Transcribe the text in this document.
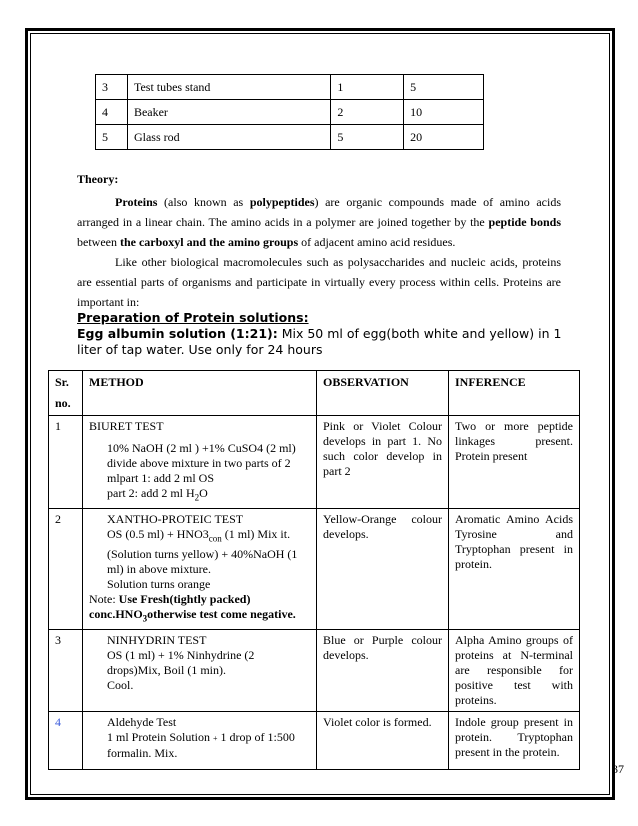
3	Test tubes stand	1	5
4	Beaker	2	10
5	Glass rod	5	20
Theory:

Proteins (also known as polypeptides) are organic compounds made of amino acids arranged in a linear chain. The amino acids in a polymer are joined together by the peptide bonds between the carboxyl and the amino groups of adjacent amino acid residues.

Like other biological macromolecules such as polysaccharides and nucleic acids, proteins are essential parts of organisms and participate in virtually every process within cells. Proteins are important in:

Preparation of Protein solutions:
Egg albumin solution (1:21): Mix 50 ml of egg(both white and yellow) in 1 liter of tap water. Use only for 24 hours
Sr.
no.	METHOD	OBSERVATION	INFERENCE
1	BIURET TEST
10% NaOH (2 ml ) +1% CuSO4 (2 ml)
divide above mixture in two parts of 2 mlpart 1: add 2 ml OS
part 2: add 2 ml $H_2O$	Pink or Violet Colour develops in part 1. No such color develop in part 2	Two or more peptide linkages present. Protein present
2	XANTHO-PROTEIC TEST
OS (0.5 $ml) + HNO3_{con}$ (1 ml) Mix it. (Solution turns yellow) + 40%NaOH (1 ml) in above mixture.
Solution turns orange
Note: Use Fresh(tightly packed) $conc.HNO_3otherwise$ test come negative.	Yellow-Orange colour develops.	Aromatic Amino Acids Tyrosine and Tryptophan present in protein.
3	NINHYDRIN TEST
OS (1 ml) + 1% Ninhydrine (2 drops)Mix, Boil (1 min).
Cool.	Blue or Purple colour develops.	Alpha Amino groups of proteins at N-terminal are responsible for positive test with proteins.
4	Aldehyde Test
1 ml Protein Solution + 1 drop of 1:500
formalin. Mix.	Violet color is formed.	Indole group present in protein. Tryptophan present in the protein.
37
